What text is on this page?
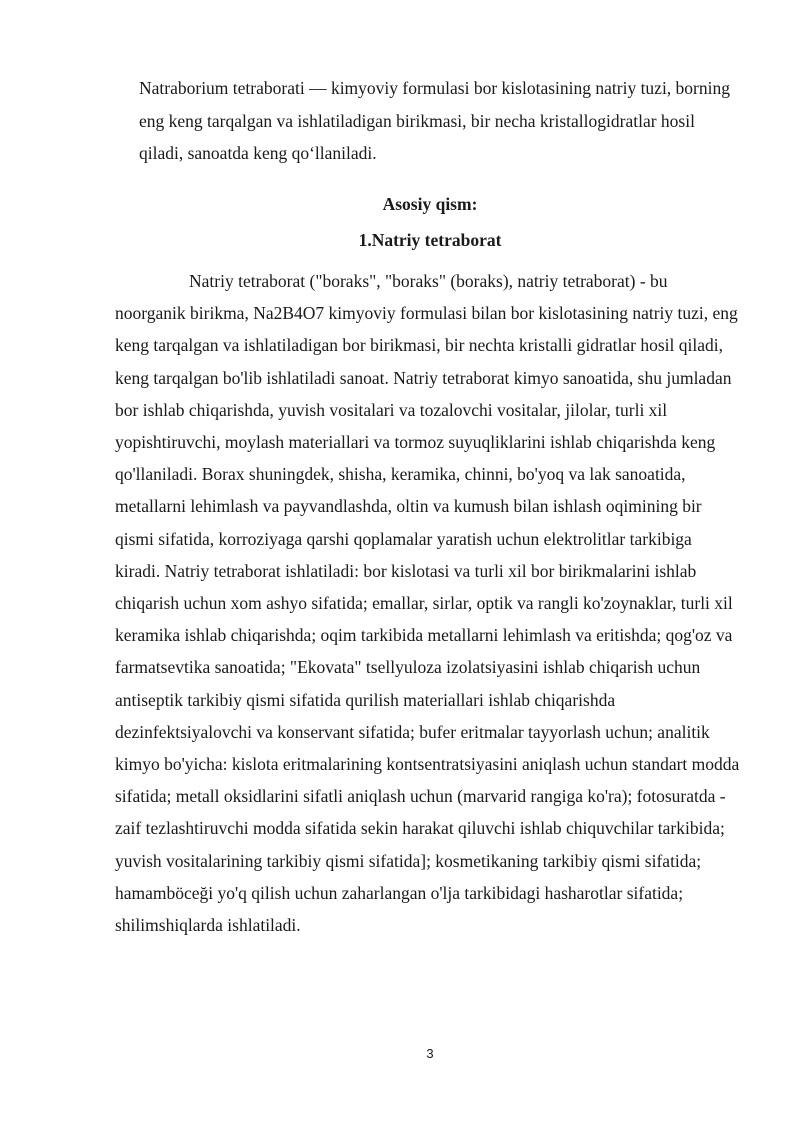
Natraborium tetraborati — kimyoviy formulasi bor kislotasining natriy tuzi, borning eng keng tarqalgan va ishlatiladigan birikmasi, bir necha kristallogidratlar hosil qiladi, sanoatda keng qo‘llaniladi.

Asosiy qism:

1.Natriy tetraborat

Natriy tetraborat ("boraks", "boraks" (boraks), natriy tetraborat) - bu noorganik birikma, Na2B4O7 kimyoviy formulasi bilan bor kislotasining natriy tuzi, eng keng tarqalgan va ishlatiladigan bor birikmasi, bir nechta kristalli gidratlar hosil qiladi, keng tarqalgan bo'lib ishlatiladi sanoat. Natriy tetraborat kimyo sanoatida, shu jumladan bor ishlab chiqarishda, yuvish vositalari va tozalovchi vositalar, jilolar, turli xil yopishtiruvchi, moylash materiallari va tormoz suyuqliklarini ishlab chiqarishda keng qo'llaniladi. Borax shuningdek, shisha, keramika, chinni, bo'yoq va lak sanoatida, metallarni lehimlash va payvandlashda, oltin va kumush bilan ishlash oqimining bir qismi sifatida, korroziyaga qarshi qoplamalar yaratish uchun elektrolitlar tarkibiga kiradi. Natriy tetraborat ishlatiladi: bor kislotasi va turli xil bor birikmalarini ishlab chiqarish uchun xom ashyo sifatida; emallar, sirlar, optik va rangli ko'zoynaklar, turli xil keramika ishlab chiqarishda; oqim tarkibida metallarni lehimlash va eritishda; qog'oz va farmatsevtika sanoatida; "Ekovata" tsellyuloza izolatsiyasini ishlab chiqarish uchun antiseptik tarkibiy qismi sifatida qurilish materiallari ishlab chiqarishda dezinfektsiyalovchi va konservant sifatida; bufer eritmalar tayyorlash uchun; analitik kimyo bo'yicha: kislota eritmalarining kontsentratsiyasini aniqlash uchun standart modda sifatida; metall oksidlarini sifatli aniqlash uchun (marvarid rangiga ko'ra); fotosuratda - zaif tezlashtiruvchi modda sifatida sekin harakat qiluvchi ishlab chiquvchilar tarkibida; yuvish vositalarining tarkibiy qismi sifatida]; kosmetikaning tarkibiy qismi sifatida; hamamböceği yo'q qilish uchun zaharlangan o'lja tarkibidagi hasharotlar sifatida; shilimshiqlarda ishlatiladi.

3
